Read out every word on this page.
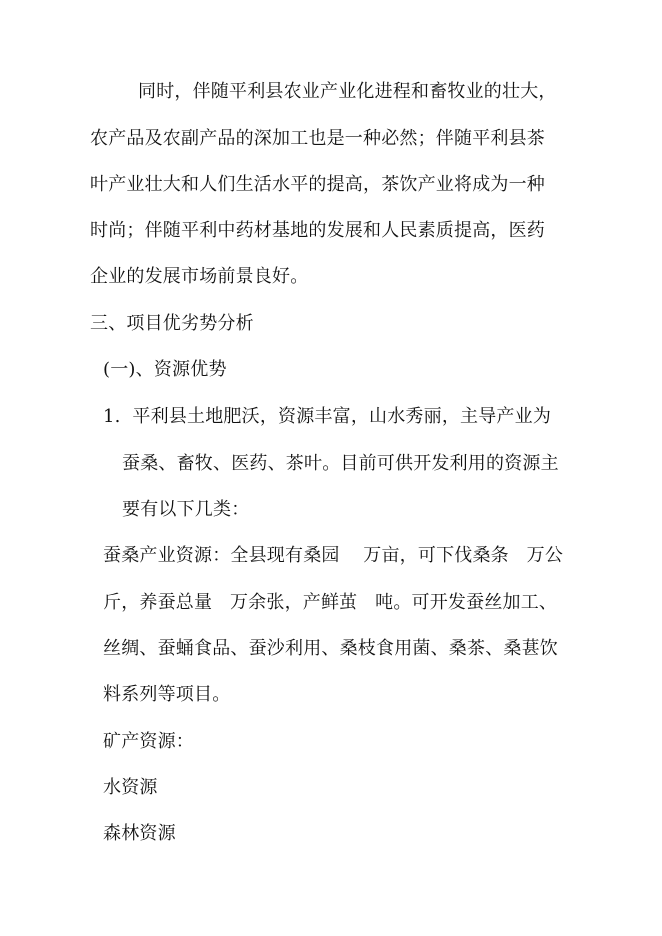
同时，伴随平利县农业产业化进程和畜牧业的壮大，
农产品及农副产品的深加工也是一种必然；伴随平利县茶
叶产业壮大和人们生活水平的提高，茶饮产业将成为一种
时尚；伴随平利中药材基地的发展和人民素质提高，医药
企业的发展市场前景良好。
三、项目优劣势分析
(一)、资源优势
1.  平利县土地肥沃，资源丰富，山水秀丽，主导产业为
蚕桑、畜牧、医药、茶叶。目前可供开发利用的资源主
要有以下几类：
蚕桑产业资源：全县现有桑园    万亩，可下伐桑条   万公
斤，养蚕总量   万余张，产鲜茧   吨。可开发蚕丝加工、
丝绸、蚕蛹食品、蚕沙利用、桑枝食用菌、桑茶、桑葚饮
料系列等项目。
矿产资源：
水资源
森林资源
